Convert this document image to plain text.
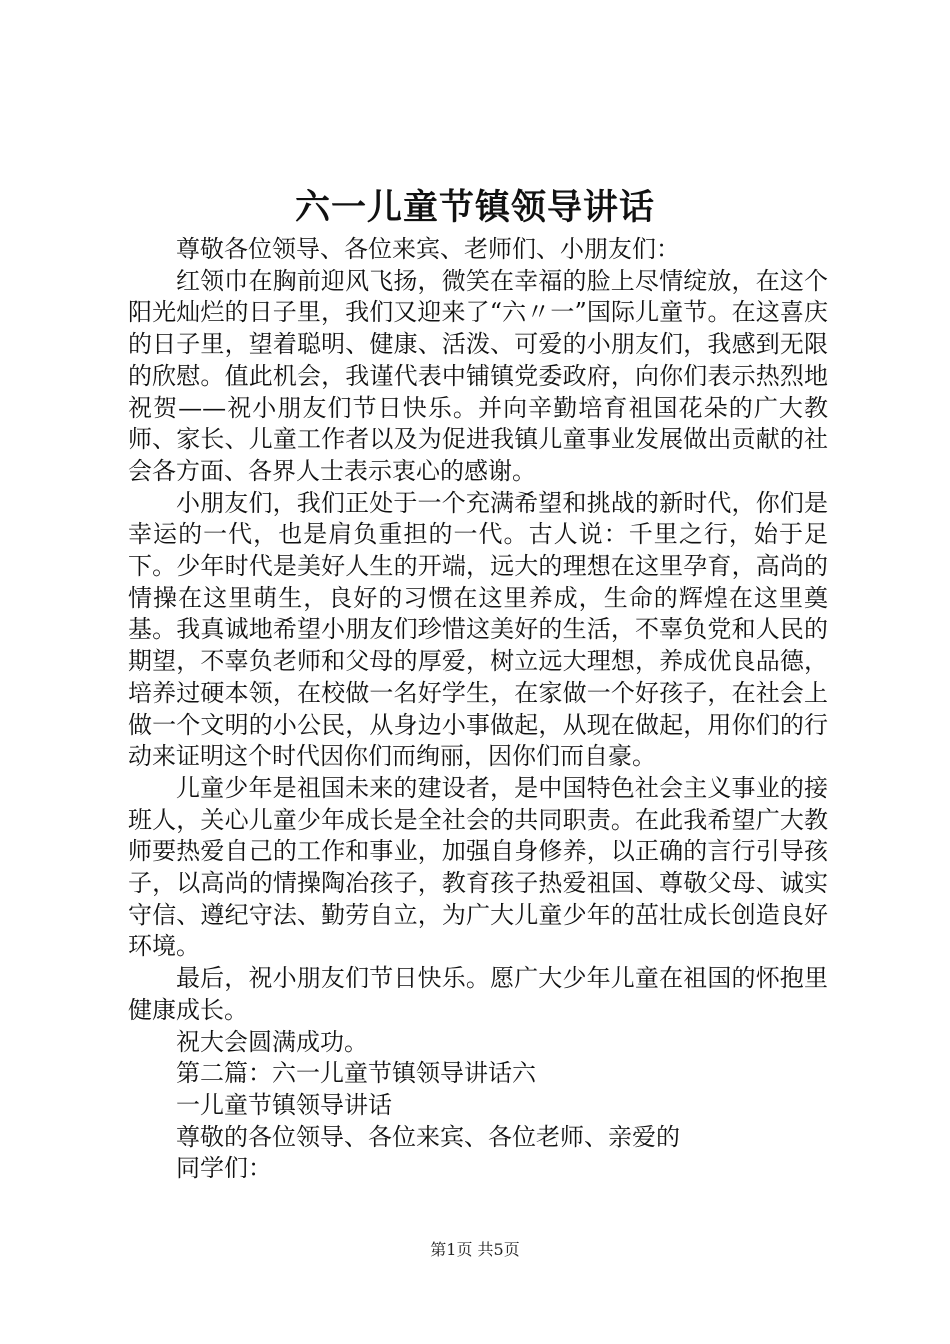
六一儿童节镇领导讲话

尊敬各位领导、各位来宾、老师们、小朋友们：

红领巾在胸前迎风飞扬，微笑在幸福的脸上尽情绽放，在这个阳光灿烂的日子里，我们又迎来了“六〃一”国际儿童节。在这喜庆的日子里，望着聪明、健康、活泼、可爱的小朋友们，我感到无限的欣慰。值此机会，我谨代表中铺镇党委政府，向你们表示热烈地祝贺——祝小朋友们节日快乐。并向辛勤培育祖国花朵的广大教师、家长、儿童工作者以及为促进我镇儿童事业发展做出贡献的社会各方面、各界人士表示衷心的感谢。

小朋友们，我们正处于一个充满希望和挑战的新时代，你们是幸运的一代，也是肩负重担的一代。古人说：千里之行，始于足下。少年时代是美好人生的开端，远大的理想在这里孕育，高尚的情操在这里萌生，良好的习惯在这里养成，生命的辉煌在这里奠基。我真诚地希望小朋友们珍惜这美好的生活，不辜负党和人民的期望，不辜负老师和父母的厚爱，树立远大理想，养成优良品德，培养过硬本领，在校做一名好学生，在家做一个好孩子，在社会上做一个文明的小公民，从身边小事做起，从现在做起，用你们的行动来证明这个时代因你们而绚丽，因你们而自豪。

儿童少年是祖国未来的建设者，是中国特色社会主义事业的接班人，关心儿童少年成长是全社会的共同职责。在此我希望广大教师要热爱自己的工作和事业，加强自身修养，以正确的言行引导孩子，以高尚的情操陶冶孩子，教育孩子热爱祖国、尊敬父母、诚实守信、遵纪守法、勤劳自立，为广大儿童少年的茁壮成长创造良好环境。

最后，祝小朋友们节日快乐。愿广大少年儿童在祖国的怀抱里健康成长。

祝大会圆满成功。

第二篇：六一儿童节镇领导讲话六

一儿童节镇领导讲话

尊敬的各位领导、各位来宾、各位老师、亲爱的

同学们：

第1页 共5页
